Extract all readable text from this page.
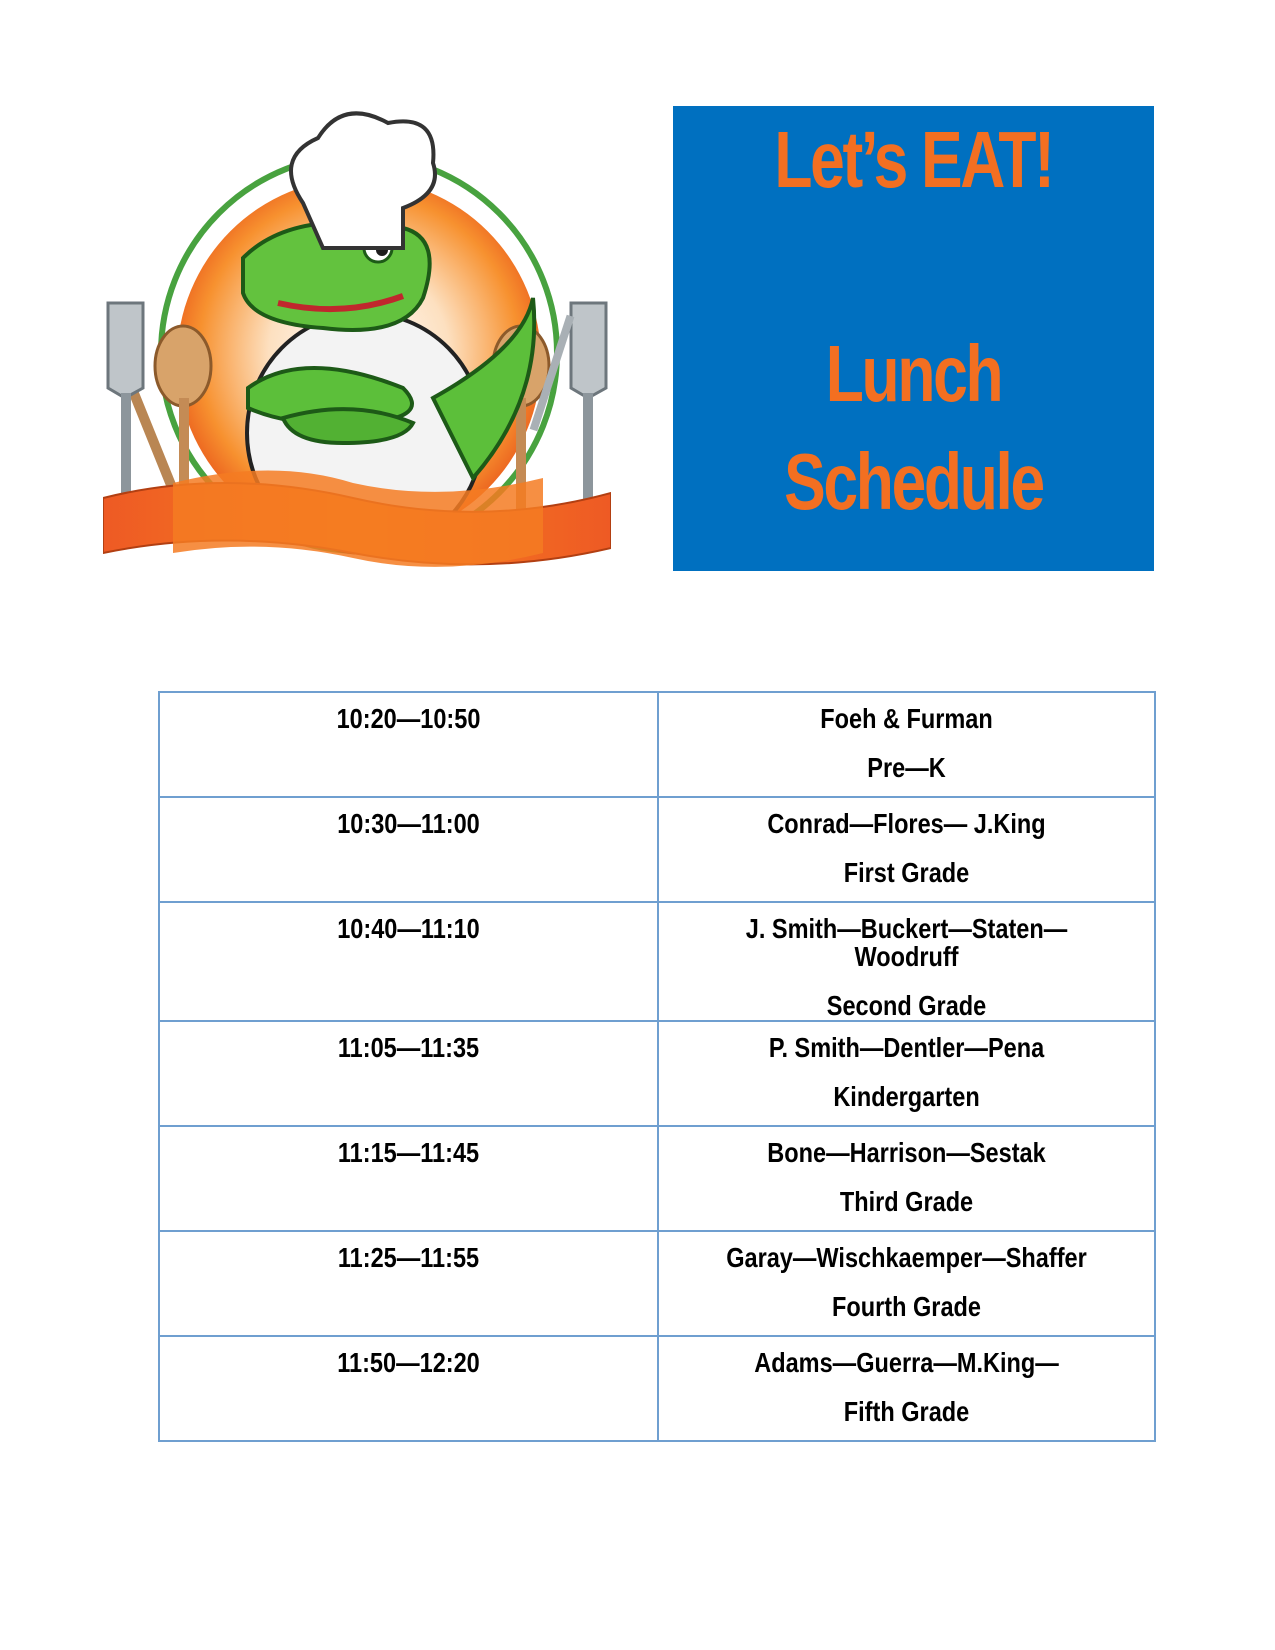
Let’s EAT!
Lunch
Schedule
10:20—10:50	Foeh & Furman
Pre—K

10:30—11:00	Conrad—Flores— J.King
First Grade

10:40—11:10	J. Smith—Buckert—Staten—Woodruff
Second Grade

11:05—11:35	P. Smith—Dentler—Pena
Kindergarten

11:15—11:45	Bone—Harrison—Sestak
Third Grade

11:25—11:55	Garay—Wischkaemper—Shaffer
Fourth Grade

11:50—12:20	Adams—Guerra—M.King—
Fifth Grade
